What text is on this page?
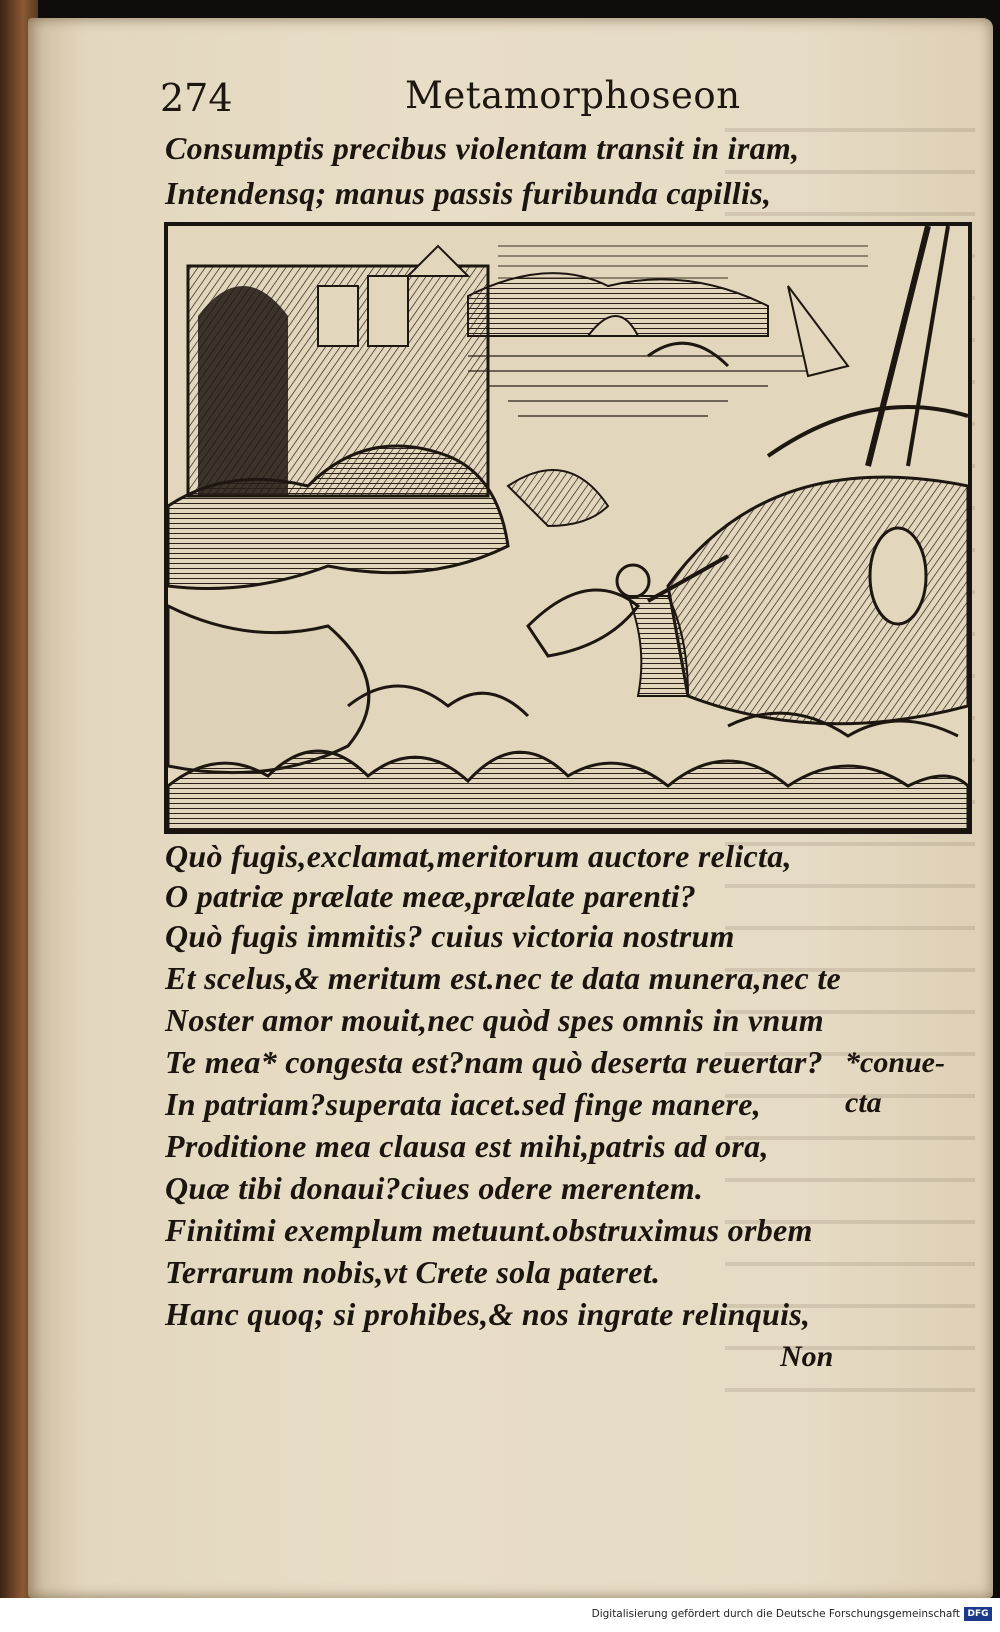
274	Metamorphoseon
Consumptis precibus violentam transit in iram,
Intendensq; manus passis furibunda capillis,
Quò fugis,exclamat,meritorum auctore relicta,
O patriæ prælate meæ,prælate parenti?
Quò fugis immitis? cuius victoria nostrum
Et scelus,& meritum est.nec te data munera,nec te
Noster amor mouit,nec quòd spes omnis in vnum
Te mea* congesta est?nam quò deserta reuertar?
In patriam?superata iacet.sed finge manere,
Proditione mea clausa est mihi,patris ad ora,
Quæ tibi donaui?ciues odere merentem.
Finitimi exemplum metuunt.obstruximus orbem
Terrarum nobis,vt Crete sola pateret.
Hanc quoq; si prohibes,& nos ingrate relinquis,
*conue-
cta
Non
Digitalisierung gefördert durch die Deutsche Forschungsgemeinschaft DFG
